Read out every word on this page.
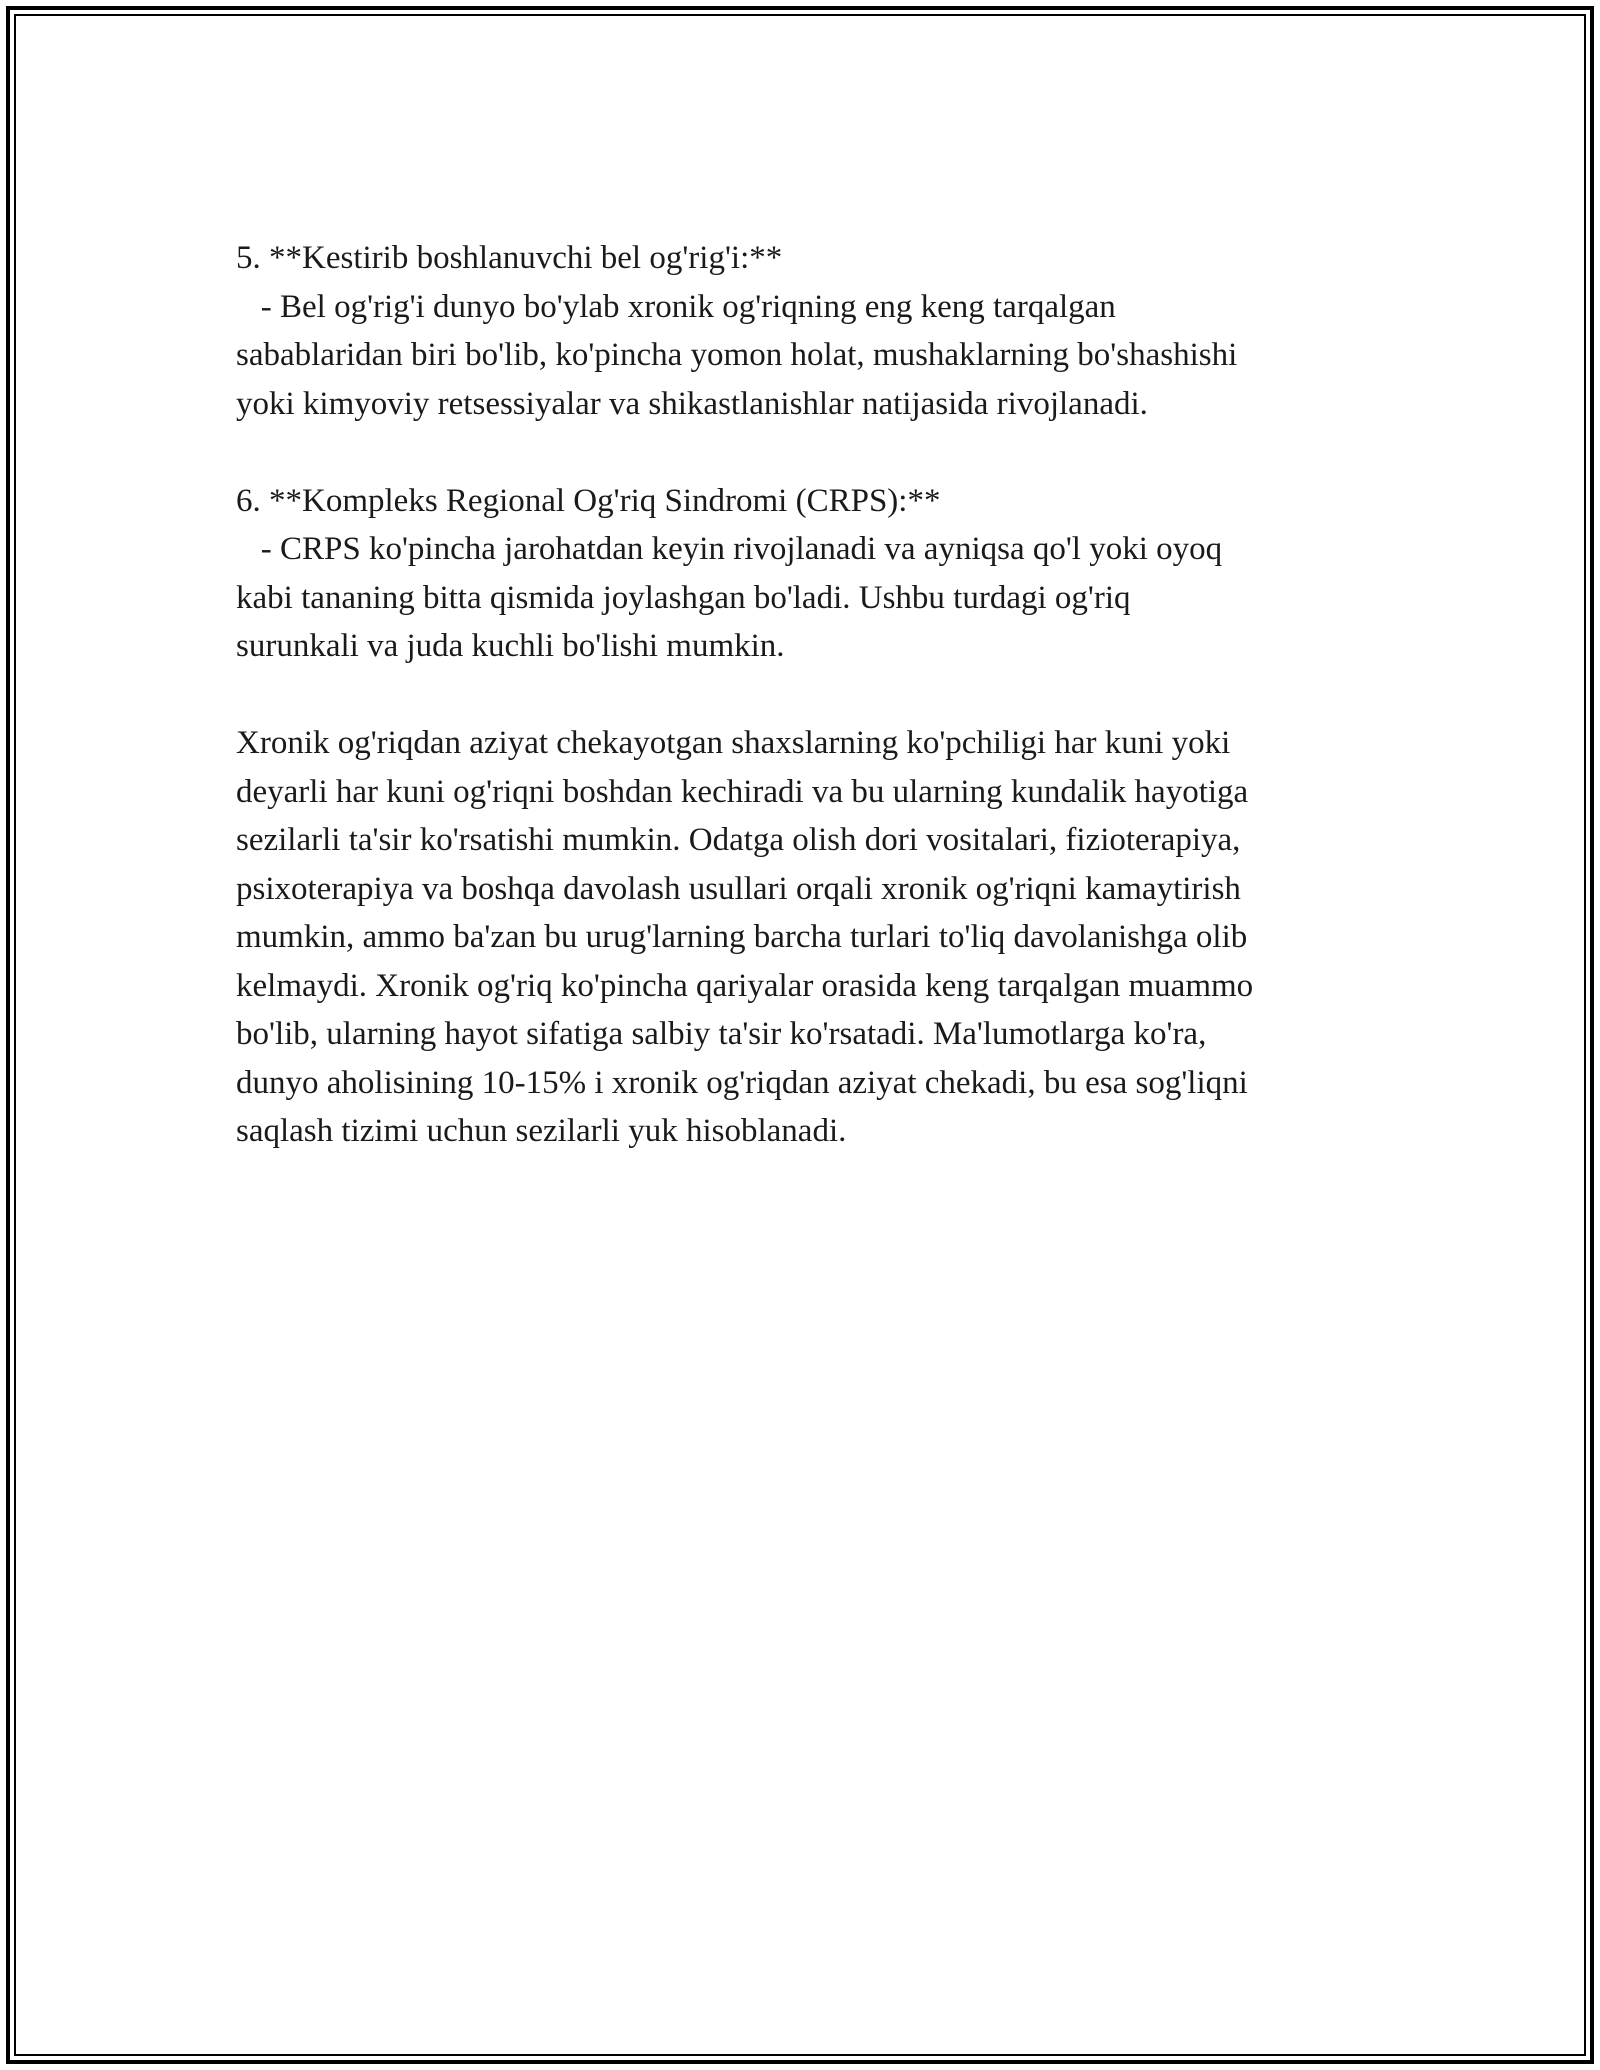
5. **Kestirib boshlanuvchi bel og'rig'i:**
- Bel og'rig'i dunyo bo'ylab xronik og'riqning eng keng tarqalgan
sabablaridan biri bo'lib, ko'pincha yomon holat, mushaklarning bo'shashishi
yoki kimyoviy retsessiyalar va shikastlanishlar natijasida rivojlanadi.
6. **Kompleks Regional Og'riq Sindromi (CRPS):**
- CRPS ko'pincha jarohatdan keyin rivojlanadi va ayniqsa qo'l yoki oyoq
kabi tananing bitta qismida joylashgan bo'ladi. Ushbu turdagi og'riq
surunkali va juda kuchli bo'lishi mumkin.
Xronik og'riqdan aziyat chekayotgan shaxslarning ko'pchiligi har kuni yoki
deyarli har kuni og'riqni boshdan kechiradi va bu ularning kundalik hayotiga
sezilarli ta'sir ko'rsatishi mumkin. Odatga olish dori vositalari, fizioterapiya,
psixoterapiya va boshqa davolash usullari orqali xronik og'riqni kamaytirish
mumkin, ammo ba'zan bu urug'larning barcha turlari to'liq davolanishga olib
kelmaydi. Xronik og'riq ko'pincha qariyalar orasida keng tarqalgan muammo
bo'lib, ularning hayot sifatiga salbiy ta'sir ko'rsatadi. Ma'lumotlarga ko'ra,
dunyo aholisining 10-15% i xronik og'riqdan aziyat chekadi, bu esa sog'liqni
saqlash tizimi uchun sezilarli yuk hisoblanadi.
